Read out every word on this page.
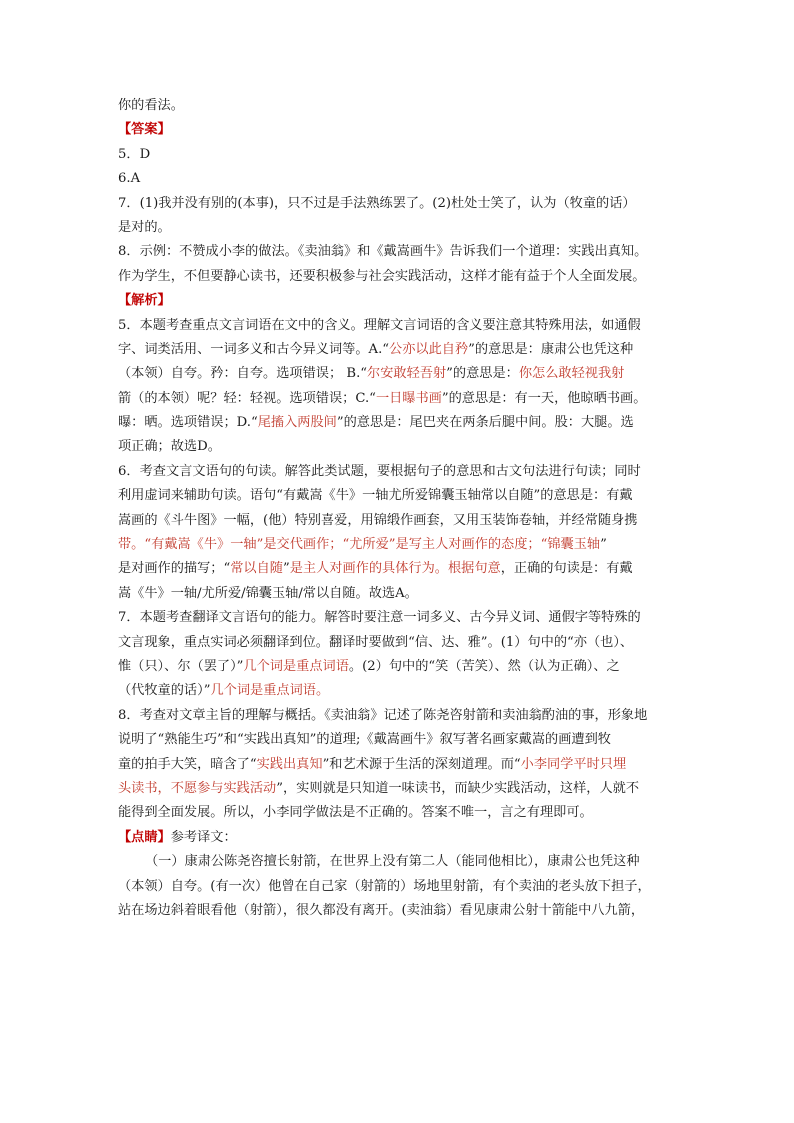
你的看法。
【答案】
5．D
6.A
7．(1)我并没有别的(本事)，只不过是手法熟练罢了。(2)杜处士笑了，认为（牧童的话）
是对的。
8．示例：不赞成小李的做法。《卖油翁》和《戴嵩画牛》告诉我们一个道理：实践出真知。
作为学生，不但要静心读书，还要积极参与社会实践活动，这样才能有益于个人全面发展。
【解析】
5．本题考查重点文言词语在文中的含义。理解文言词语的含义要注意其特殊用法，如通假
字、词类活用、一词多义和古今异义词等。A.“公亦以此自矜”的意思是：康肃公也凭这种
（本领）自夸。矜：自夸。选项错误； B.“尔安敢轻吾射”的意思是：你怎么敢轻视我射
箭（的本领）呢？轻：轻视。选项错误；C.“一日曝书画”的意思是：有一天，他晾晒书画。
曝：晒。选项错误；D.“尾搐入两股间”的意思是：尾巴夹在两条后腿中间。股：大腿。选
项正确；故选D。
6．考查文言文语句的句读。解答此类试题，要根据句子的意思和古文句法进行句读；同时
利用虚词来辅助句读。语句“有戴嵩《牛》一轴尤所爱锦囊玉轴常以自随”的意思是：有戴
嵩画的《斗牛图》一幅，(他）特别喜爱，用锦缎作画套，又用玉装饰卷轴，并经常随身携
带。“有戴嵩《牛》一轴”是交代画作；“尤所爱”是写主人对画作的态度；“锦囊玉轴”
是对画作的描写；“常以自随”是主人对画作的具体行为。根据句意，正确的句读是：有戴
嵩《牛》一轴/尤所爱/锦囊玉轴/常以自随。故选A。
7．本题考查翻译文言语句的能力。解答时要注意一词多义、古今异义词、通假字等特殊的
文言现象，重点实词必须翻译到位。翻译时要做到“信、达、雅”。(1）句中的“亦（也）、
惟（只）、尔（罢了）”几个词是重点词语。(2）句中的“笑（苦笑）、然（认为正确）、之
（代牧童的话）”几个词是重点词语。
8．考查对文章主旨的理解与概括。《卖油翁》记述了陈尧咨射箭和卖油翁酌油的事，形象地
说明了“熟能生巧”和“实践出真知”的道理;《戴嵩画牛》叙写著名画家戴嵩的画遭到牧
童的拍手大笑，暗含了“实践出真知”和艺术源于生活的深刻道理。而“小李同学平时只埋
头读书，不愿参与实践活动”，实则就是只知道一味读书，而缺少实践活动，这样，人就不
能得到全面发展。所以，小李同学做法是不正确的。答案不唯一，言之有理即可。
【点睛】参考译文：
（一）康肃公陈尧咨擅长射箭，在世界上没有第二人（能同他相比），康肃公也凭这种
（本领）自夸。(有一次）他曾在自己家（射箭的）场地里射箭，有个卖油的老头放下担子，
站在场边斜着眼看他（射箭），很久都没有离开。(卖油翁）看见康肃公射十箭能中八九箭，
